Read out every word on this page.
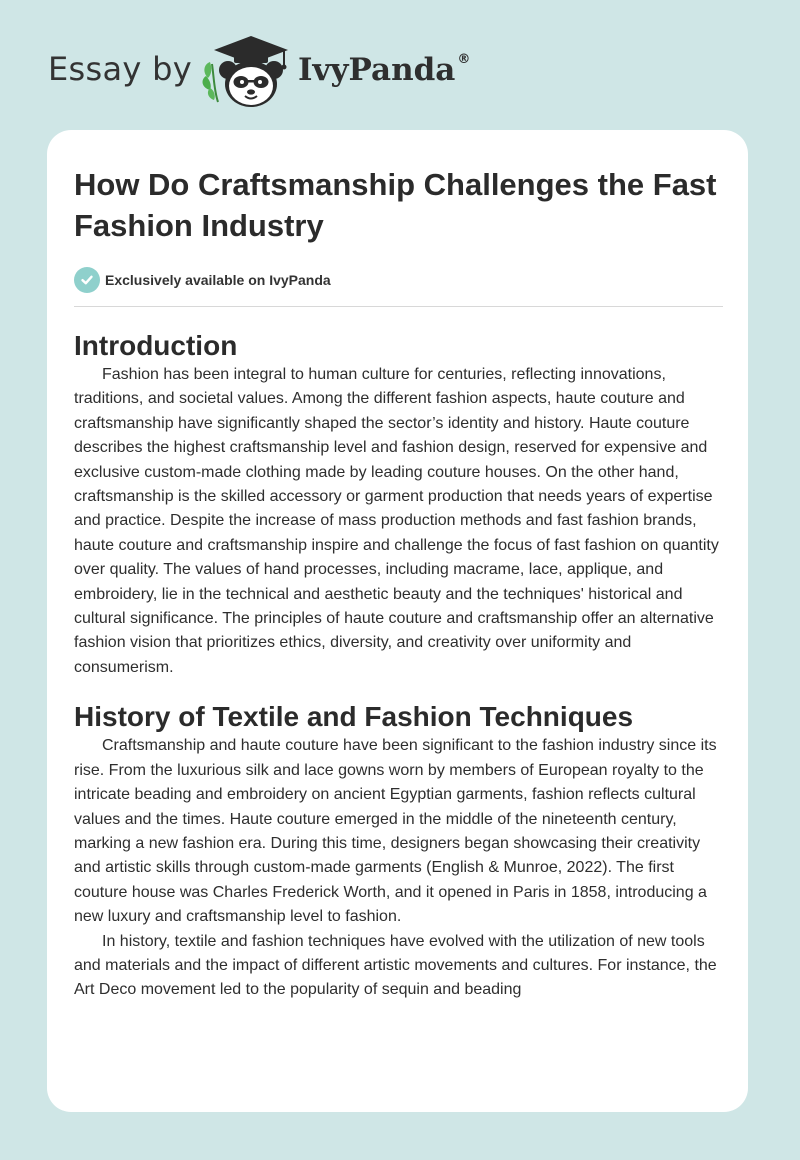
Essay by	IvyPanda ®
How Do Craftsmanship Challenges the Fast Fashion Industry
Exclusively available on IvyPanda
Introduction

Fashion has been integral to human culture for centuries, reflecting innovations, traditions, and societal values. Among the different fashion aspects, haute couture and craftsmanship have significantly shaped the sector’s identity and history. Haute couture describes the highest craftsmanship level and fashion design, reserved for expensive and exclusive custom-made clothing made by leading couture houses. On the other hand, craftsmanship is the skilled accessory or garment production that needs years of expertise and practice. Despite the increase of mass production methods and fast fashion brands, haute couture and craftsmanship inspire and challenge the focus of fast fashion on quantity over quality. The values of hand processes, including macrame, lace, applique, and embroidery, lie in the technical and aesthetic beauty and the techniques' historical and cultural significance. The principles of haute couture and craftsmanship offer an alternative fashion vision that prioritizes ethics, diversity, and creativity over uniformity and consumerism.

History of Textile and Fashion Techniques

Craftsmanship and haute couture have been significant to the fashion industry since its rise. From the luxurious silk and lace gowns worn by members of European royalty to the intricate beading and embroidery on ancient Egyptian garments, fashion reflects cultural values and the times. Haute couture emerged in the middle of the nineteenth century, marking a new fashion era. During this time, designers began showcasing their creativity and artistic skills through custom-made garments (English & Munroe, 2022). The first couture house was Charles Frederick Worth, and it opened in Paris in 1858, introducing a new luxury and craftsmanship level to fashion.

In history, textile and fashion techniques have evolved with the utilization of new tools and materials and the impact of different artistic movements and cultures. For instance, the Art Deco movement led to the popularity of sequin and beading
